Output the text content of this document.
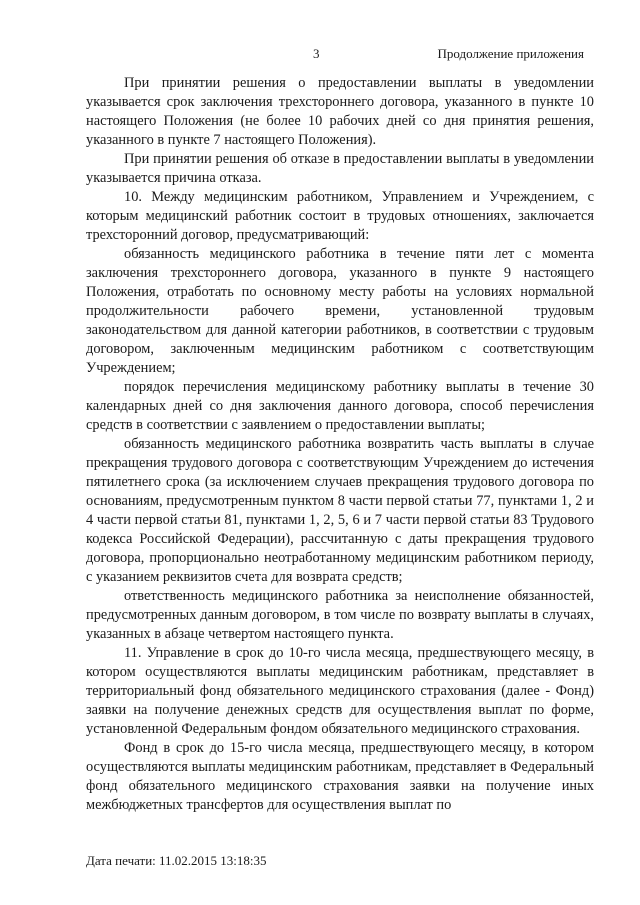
3	Продолжение приложения

При принятии решения о предоставлении выплаты в уведомлении указывается срок заключения трехстороннего договора, указанного в пункте 10 настоящего Положения (не более 10 рабочих дней со дня принятия решения, указанного в пункте 7 настоящего Положения).

При принятии решения об отказе в предоставлении выплаты в уведомлении указывается причина отказа.

10. Между медицинским работником, Управлением и Учреждением, с которым медицинский работник состоит в трудовых отношениях, заключается трехсторонний договор, предусматривающий:

обязанность медицинского работника в течение пяти лет с момента заключения трехстороннего договора, указанного в пункте 9 настоящего Положения, отработать по основному месту работы на условиях нормальной продолжительности рабочего времени, установленной трудовым законодательством для данной категории работников, в соответствии с трудовым договором, заключенным медицинским работником с соответствующим Учреждением;

порядок перечисления медицинскому работнику выплаты в течение 30 календарных дней со дня заключения данного договора, способ перечисления средств в соответствии с заявлением о предоставлении выплаты;

обязанность медицинского работника возвратить часть выплаты в случае прекращения трудового договора с соответствующим Учреждением до истечения пятилетнего срока (за исключением случаев прекращения трудового договора по основаниям, предусмотренным пунктом 8 части первой статьи 77, пунктами 1, 2 и 4 части первой статьи 81, пунктами 1, 2, 5, 6 и 7 части первой статьи 83 Трудового кодекса Российской Федерации), рассчитанную с даты прекращения трудового договора, пропорционально неотработанному медицинским работником периоду, с указанием реквизитов счета для возврата средств;

ответственность медицинского работника за неисполнение обязанностей, предусмотренных данным договором, в том числе по возврату выплаты в случаях, указанных в абзаце четвертом настоящего пункта.

11. Управление в срок до 10-го числа месяца, предшествующего месяцу, в котором осуществляются выплаты медицинским работникам, представляет в территориальный фонд обязательного медицинского страхования (далее - Фонд) заявки на получение денежных средств для осуществления выплат по форме, установленной Федеральным фондом обязательного медицинского страхования.

Фонд в срок до 15-го числа месяца, предшествующего месяцу, в котором осуществляются выплаты медицинским работникам, представляет в Федеральный фонд обязательного медицинского страхования заявки на получение иных межбюджетных трансфертов для осуществления выплат по

Дата печати: 11.02.2015 13:18:35
